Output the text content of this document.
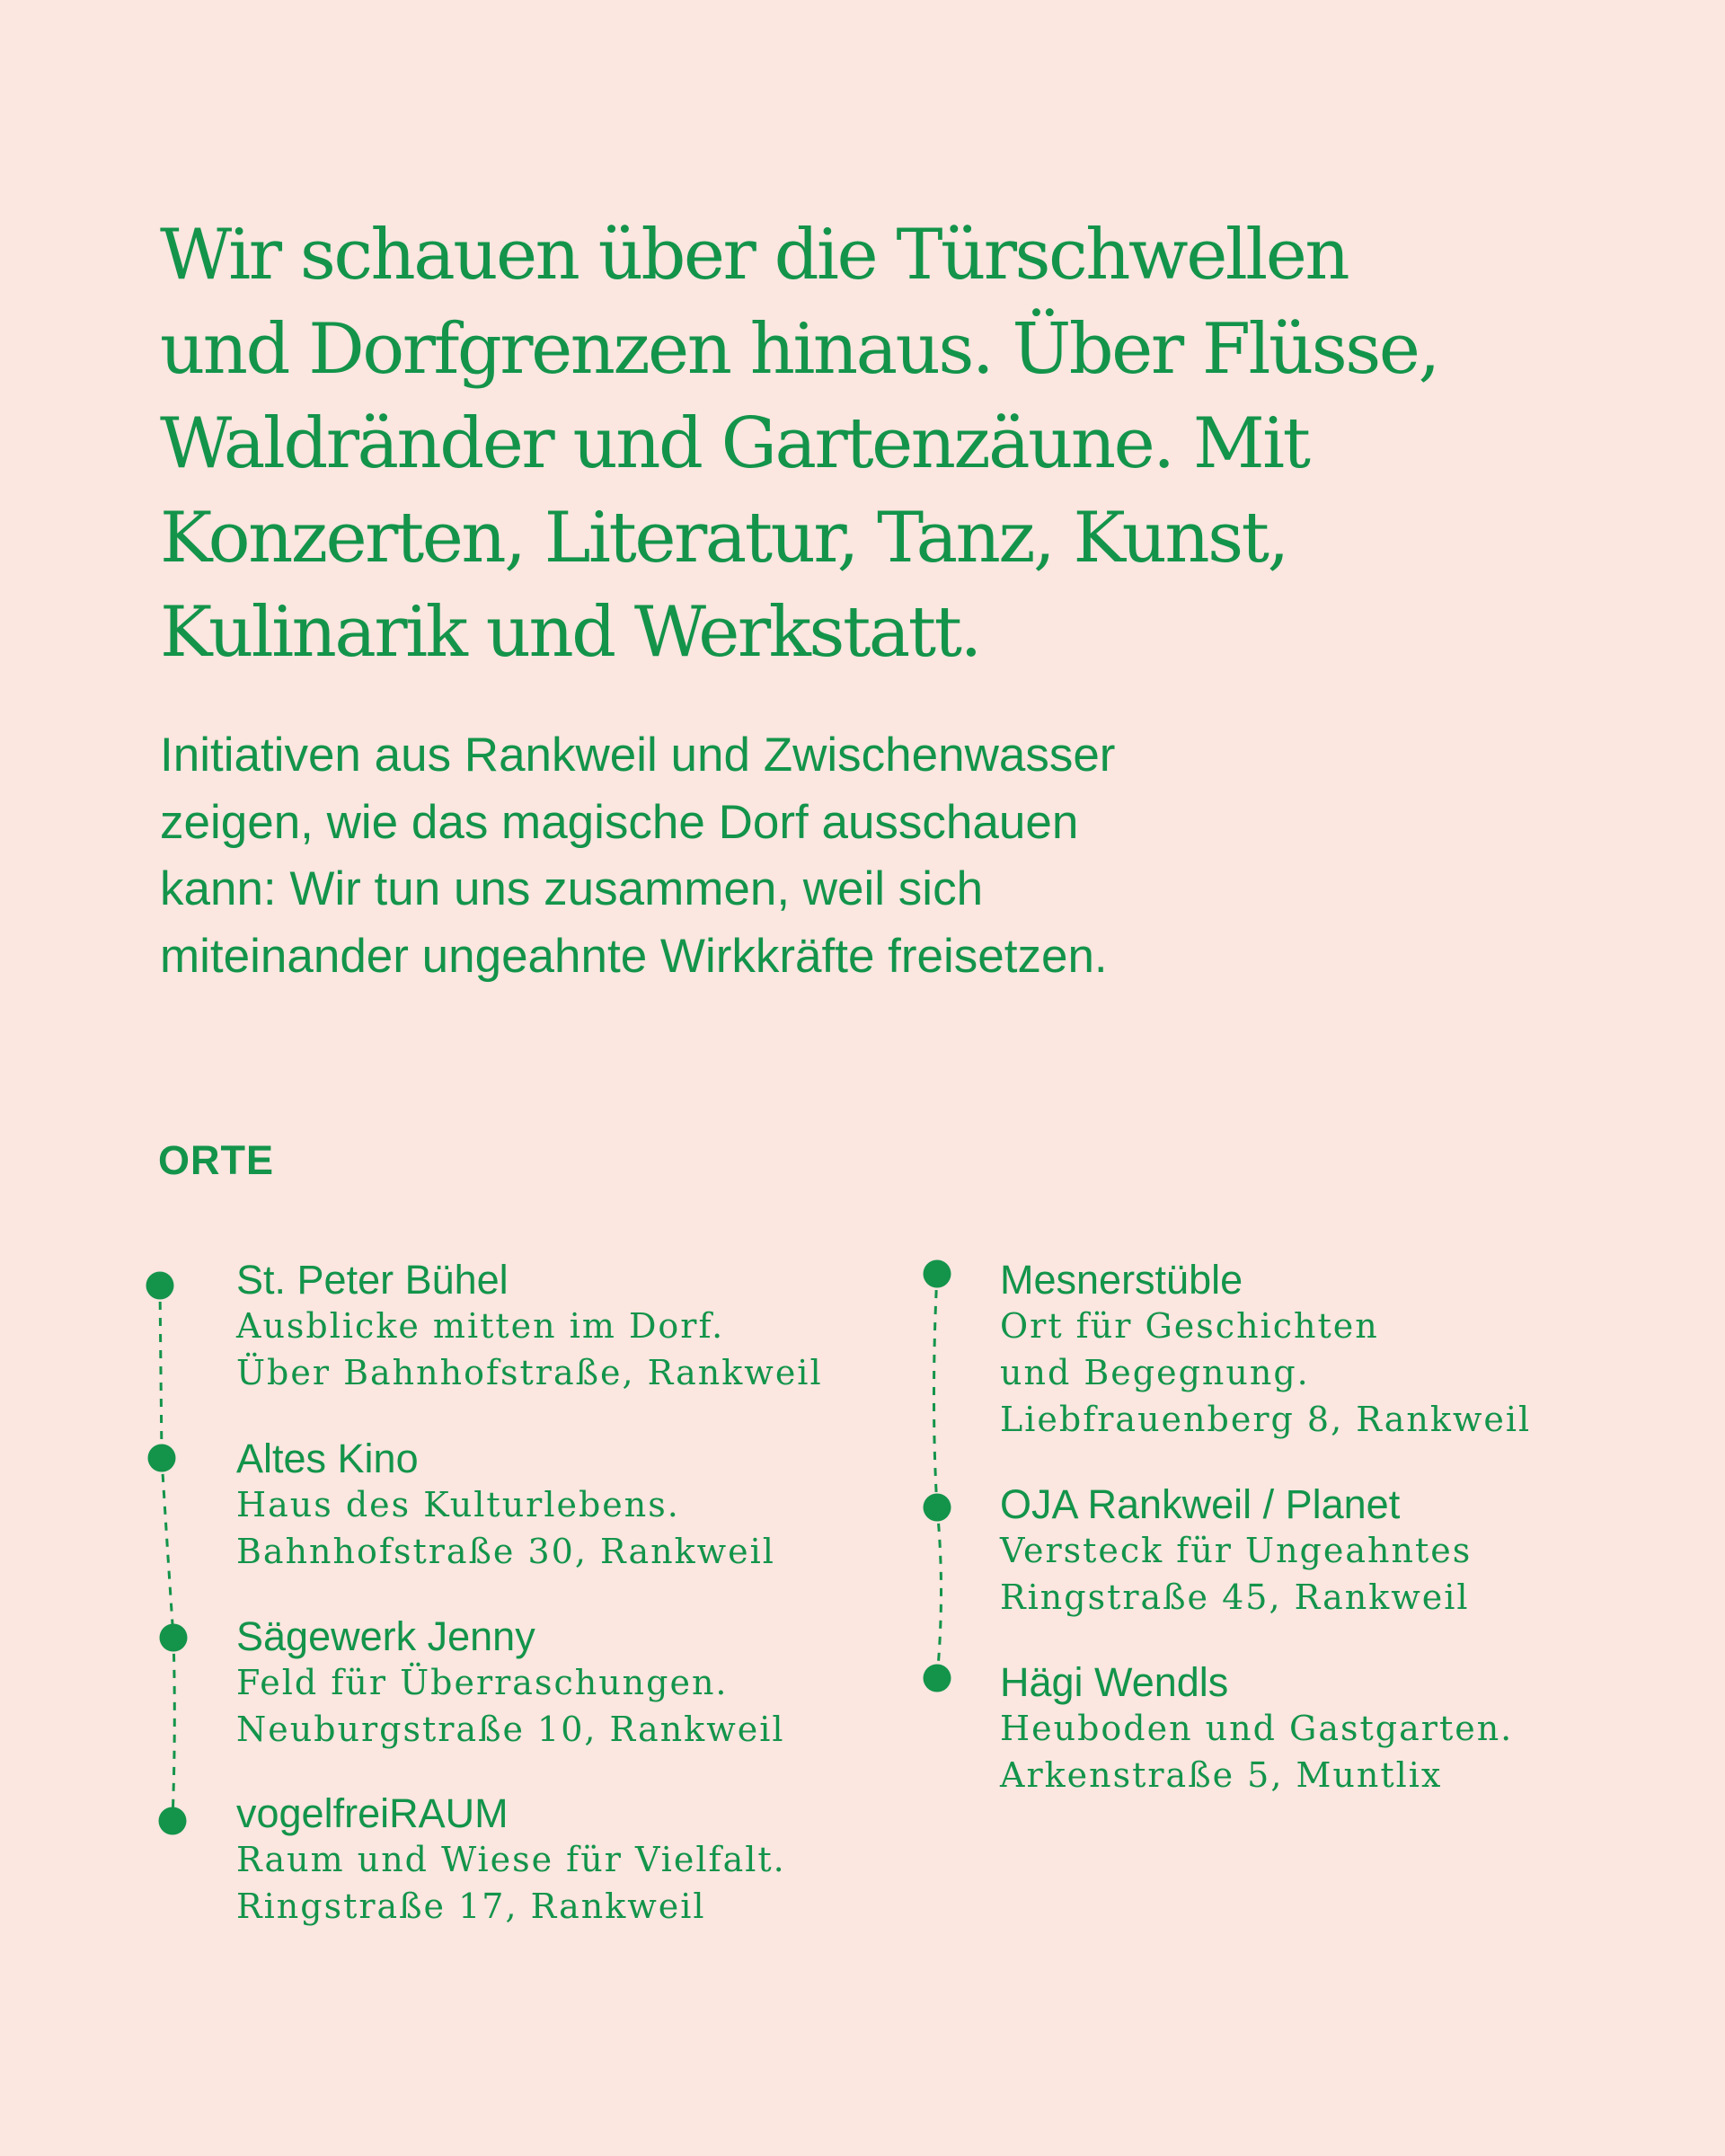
Wir schauen über die Türschwellen
und Dorfgrenzen hinaus. Über Flüsse,
Waldränder und Gartenzäune. Mit
Konzerten, Literatur, Tanz, Kunst,
Kulinarik und Werkstatt.

Initiativen aus Rankweil und Zwischenwasser
zeigen, wie das magische Dorf ausschauen
kann: Wir tun uns zusammen, weil sich
miteinander ungeahnte Wirkkräfte freisetzen.

ORTE
St. Peter Bühel
Ausblicke mitten im Dorf.
Über Bahnhofstraße, Rankweil
Altes Kino
Haus des Kulturlebens.
Bahnhofstraße 30, Rankweil
Sägewerk Jenny
Feld für Überraschungen.
Neuburgstraße 10, Rankweil
vogelfreiRAUM
Raum und Wiese für Vielfalt.
Ringstraße 17, Rankweil
Mesnerstüble
Ort für Geschichten
und Begegnung.
Liebfrauenberg 8, Rankweil
OJA Rankweil / Planet
Versteck für Ungeahntes
Ringstraße 45, Rankweil
Hägi Wendls
Heuboden und Gastgarten.
Arkenstraße 5, Muntlix
